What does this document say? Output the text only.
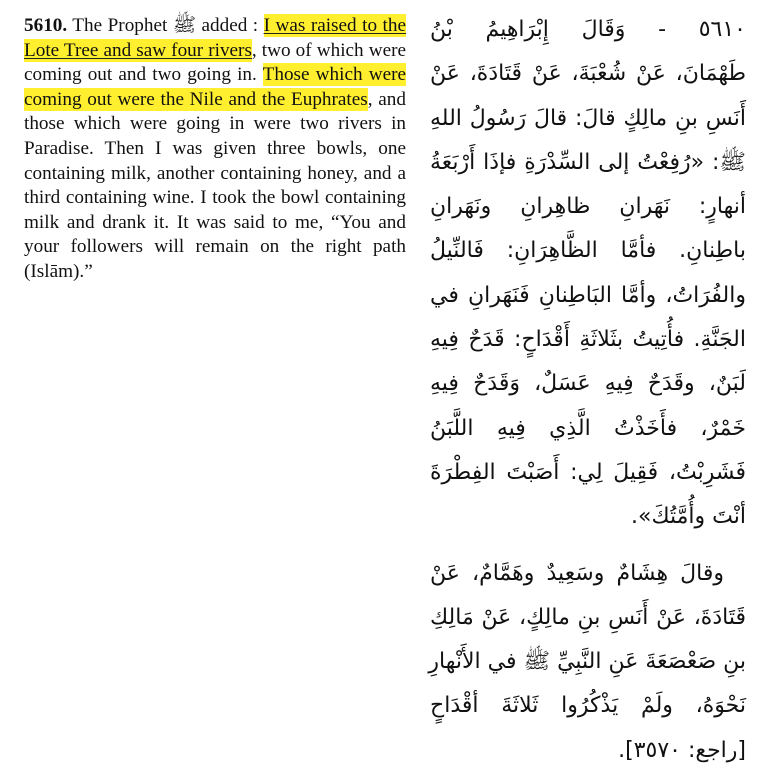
5610. The Prophet ﷺ added : I was raised to the Lote Tree and saw four rivers, two of which were coming out and two going in. Those which were coming out were the Nile and the Euphrates, and those which were going in were two rivers in Paradise. Then I was given three bowls, one containing milk, another containing honey, and a third containing wine. I took the bowl containing milk and drank it. It was said to me, “You and your followers will remain on the right path (Islām).”

٥٦١٠ - وَقَالَ إِبْرَاهِيمُ بْنُ
طَهْمَانَ، عَنْ شُعْبَةَ، عَنْ قَتَادَةَ، عَنْ
أَنَسِ بنِ مالِكٍ قالَ: قالَ رَسُولُ اللهِ
ﷺ: «رُفِعْتُ إلى السِّدْرَةِ فإذَا أَرْبَعَةُ
أنهارٍ: نَهَرانِ ظاهِرانِ ونَهَرانِ
باطِنانِ. فأمَّا الظَّاهِرَانِ: فَالنِّيلُ
والفُرَاتُ، وأمَّا البَاطِنانِ فَنَهَرانِ في
الجَنَّةِ. فأُتِيتُ بثَلاثَةِ أَقْدَاحٍ: قَدَحٌ فِيهِ
لَبَنٌ، وقَدَحٌ فِيهِ عَسَلٌ، وَقَدَحٌ فِيهِ
خَمْرٌ، فأَخَذْتُ الَّذِي فِيهِ اللَّبَنُ
فَشَرِبْتُ، فَقِيلَ لِي: أَصَبْتَ الفِطْرَةَ
أنْتَ وأُمَّتُكَ».
وقالَ هِشَامٌ وسَعِيدٌ وهَمَّامٌ، عَنْ
قَتَادَةَ، عَنْ أَنَسِ بنِ مالِكٍ، عَنْ مَالِكِ
بنِ صَعْصَعَةَ عَنِ النَّبِيِّ ﷺ في الأَنْهارِ
نَحْوَهُ، ولَمْ يَذْكُرُوا ثَلاثَةَ أقْدَاحٍ
[راجع: ٣٥٧٠].
